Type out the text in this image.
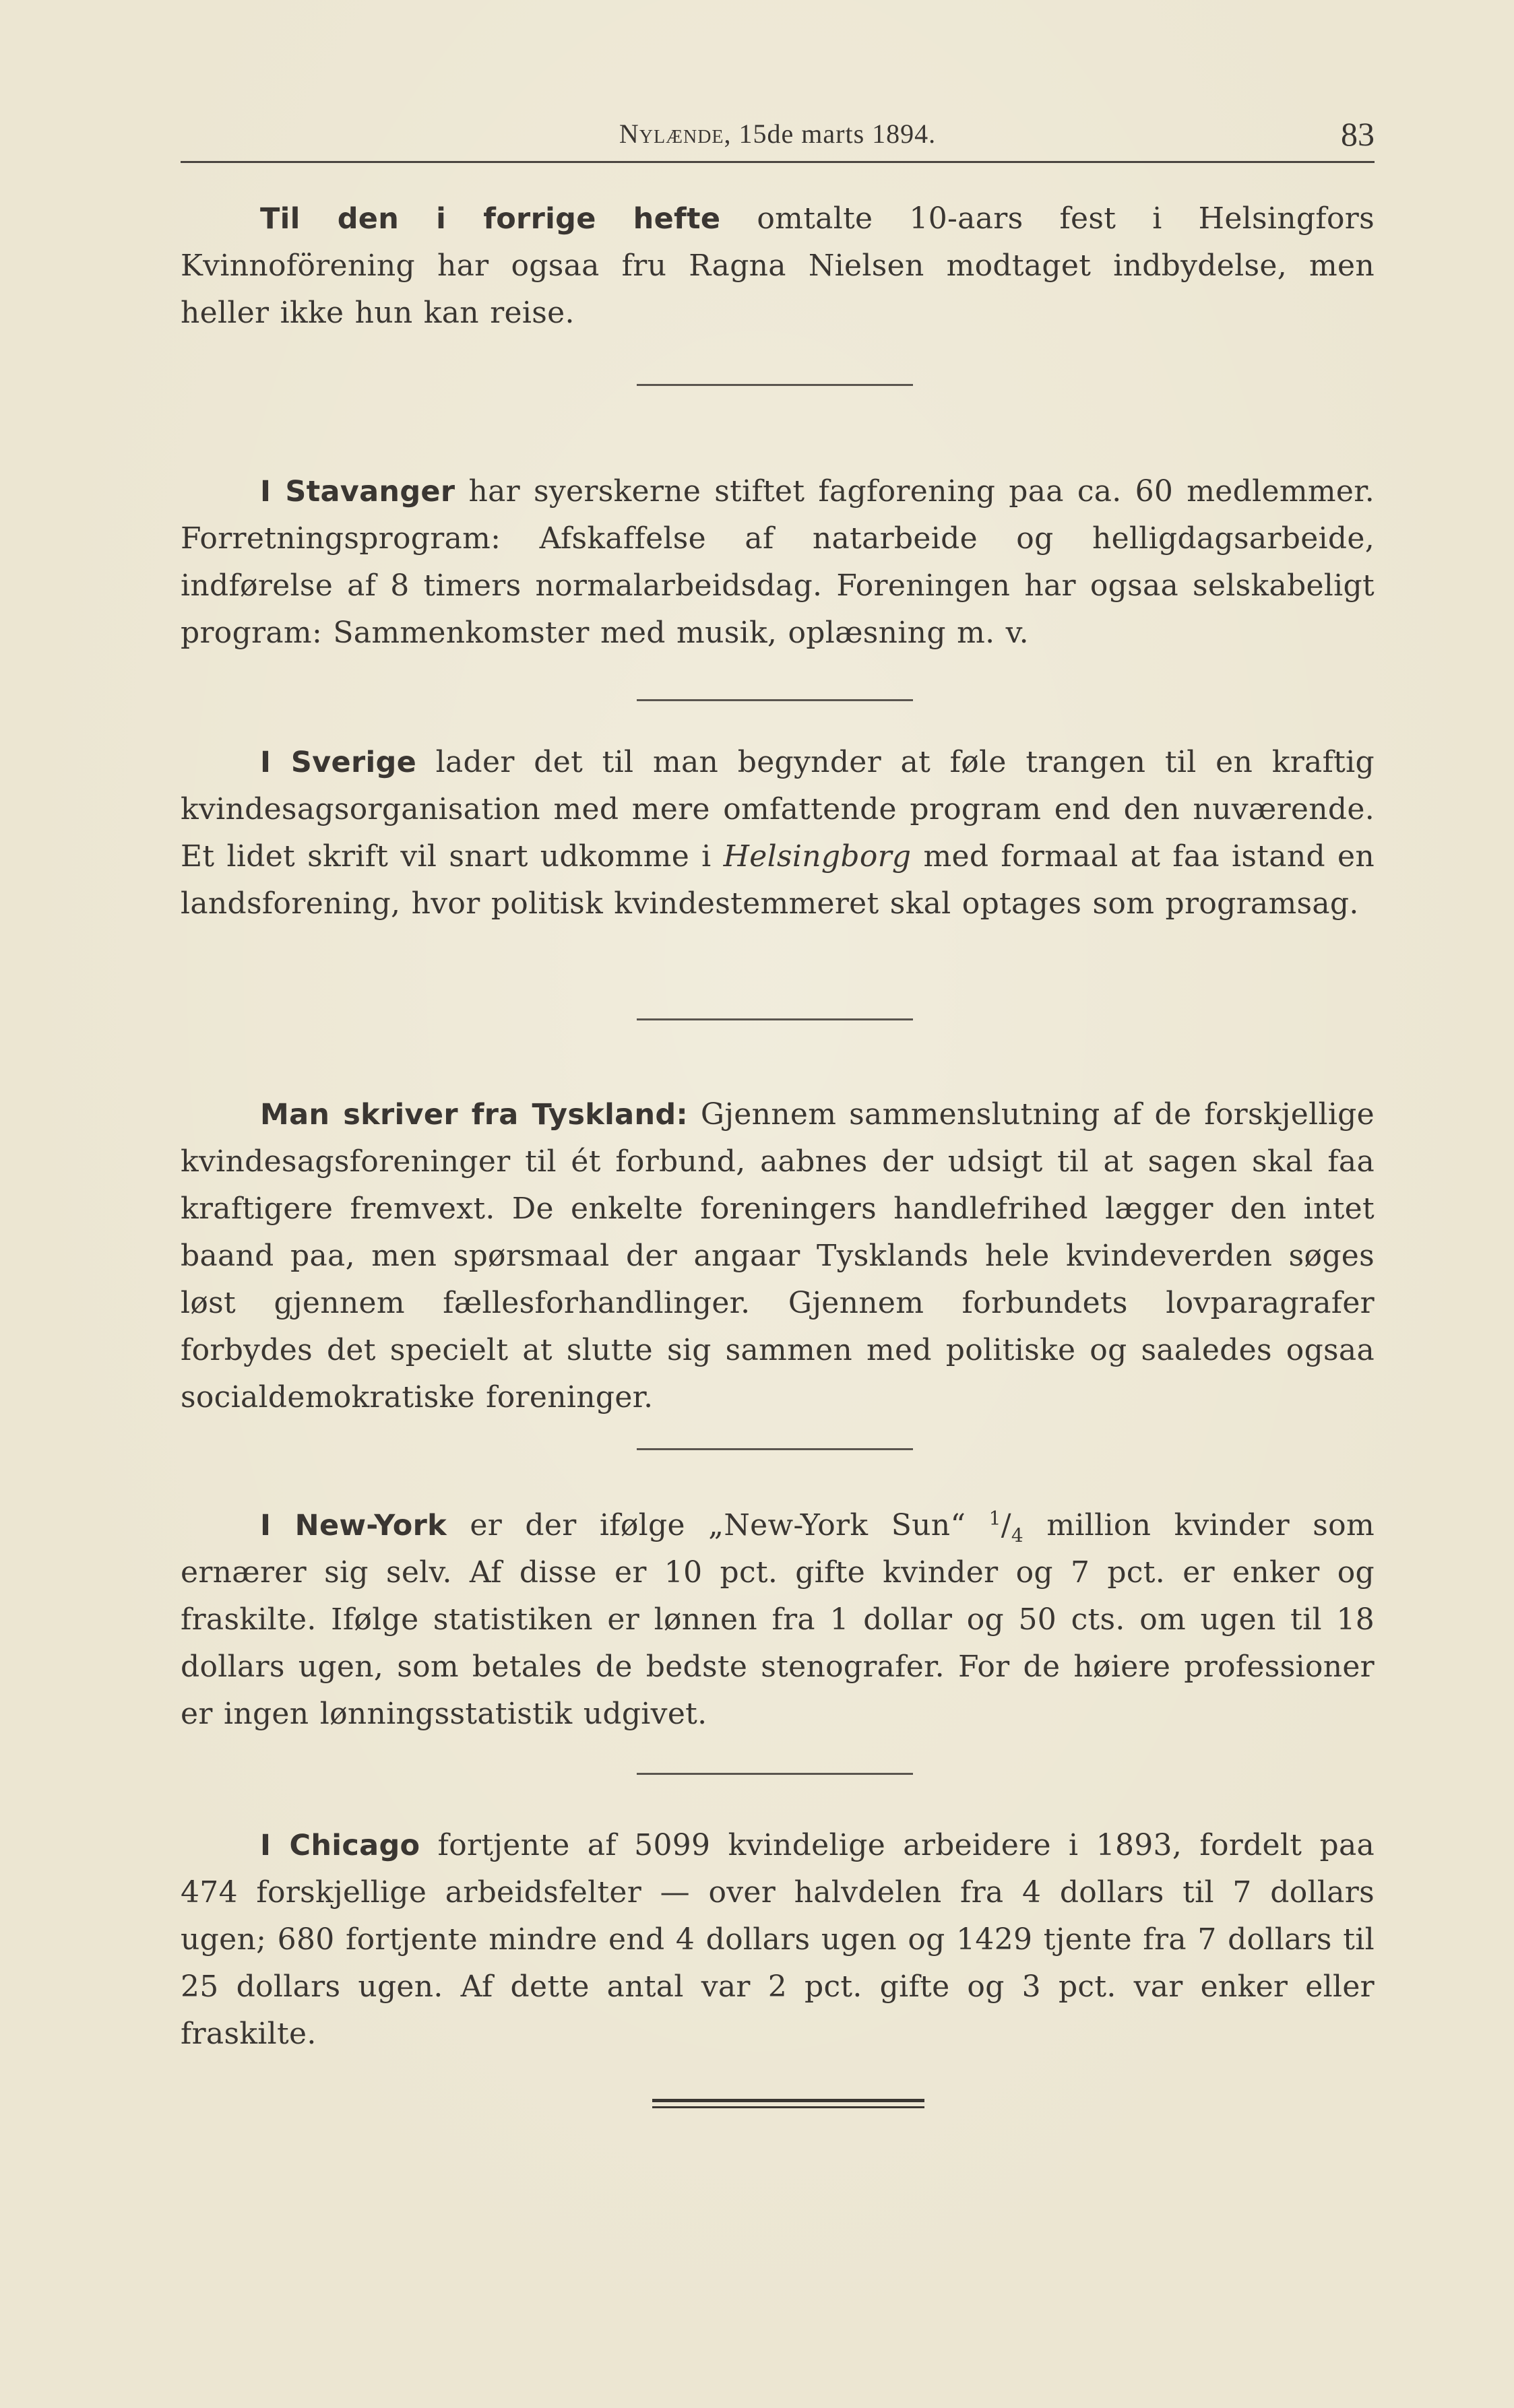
Nylænde, 15de marts 1894.	83

Til den i forrige hefte omtalte 10-aars fest i Helsingfors Kvinnoförening har ogsaa fru Ragna Nielsen modtaget indbydelse, men heller ikke hun kan reise.

I Stavanger har syerskerne stiftet fagforening paa ca. 60 medlemmer. Forretningsprogram: Afskaffelse af natarbeide og helligdagsarbeide, indførelse af 8 timers normalarbeidsdag. Foreningen har ogsaa selskabeligt program: Sammenkomster med musik, oplæsning m. v.

I Sverige lader det til man begynder at føle trangen til en kraftig kvindesagsorganisation med mere omfattende program end den nuværende. Et lidet skrift vil snart udkomme i Helsingborg med formaal at faa istand en landsforening, hvor politisk kvindestemmeret skal optages som programsag.

Man skriver fra Tyskland: Gjennem sammenslutning af de forskjellige kvindesagsforeninger til ét forbund, aabnes der udsigt til at sagen skal faa kraftigere fremvext. De enkelte foreningers handlefrihed lægger den intet baand paa, men spørsmaal der angaar Tysklands hele kvindeverden søges løst gjennem fællesforhandlinger. Gjennem forbundets lovparagrafer forbydes det specielt at slutte sig sammen med politiske og saaledes ogsaa socialdemokratiske foreninger.

I New-York er der ifølge „New-York Sun“ $^1/_4$ million kvinder som ernærer sig selv. Af disse er 10 pct. gifte kvinder og 7 pct. er enker og fraskilte. Ifølge statistiken er lønnen fra 1 dollar og 50 cts. om ugen til 18 dollars ugen, som betales de bedste stenografer. For de høiere professioner er ingen lønningsstatistik udgivet.

I Chicago fortjente af 5099 kvindelige arbeidere i 1893, fordelt paa 474 forskjellige arbeidsfelter — over halvdelen fra 4 dollars til 7 dollars ugen; 680 fortjente mindre end 4 dollars ugen og 1429 tjente fra 7 dollars til 25 dollars ugen. Af dette antal var 2 pct. gifte og 3 pct. var enker eller fraskilte.
